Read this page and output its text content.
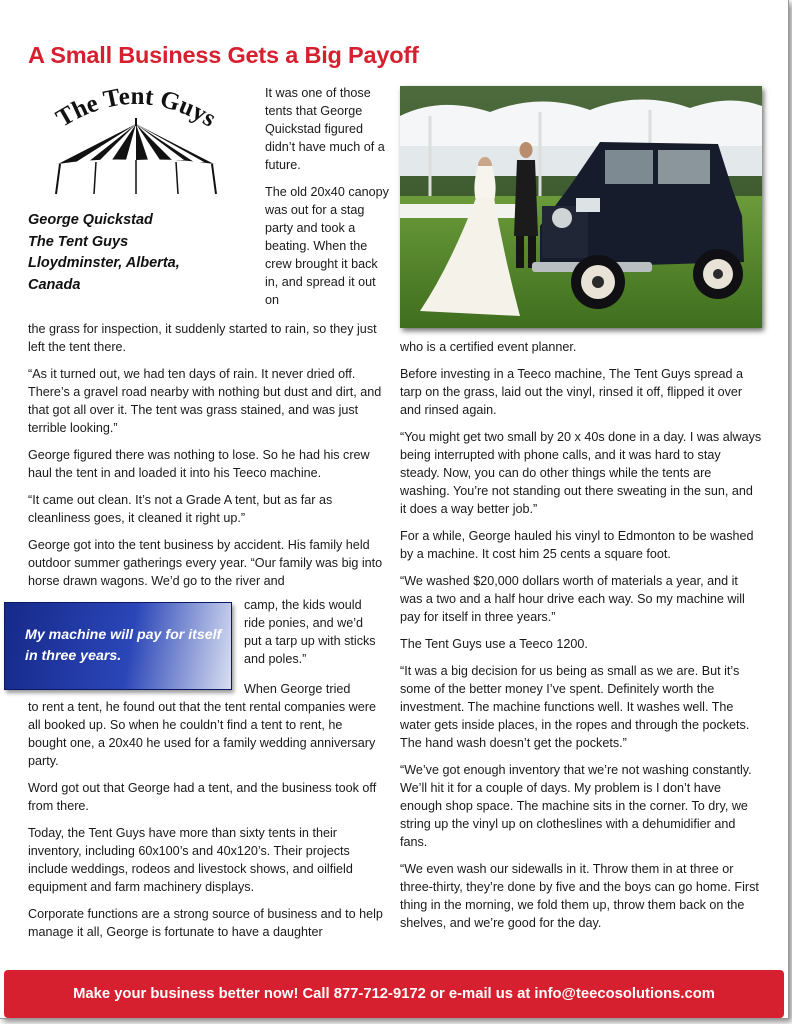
A Small Business Gets a Big Payoff
The Tent Guys
George Quickstad
The Tent Guys
Lloydminster, Alberta,
Canada

It was one of those tents that George Quickstad figured didn’t have much of a future.

The old 20x40 canopy was out for a stag party and took a beating. When the crew brought it back in, and spread it out on

the grass for inspection, it suddenly started to rain, so they just left the tent there.

“As it turned out, we had ten days of rain. It never dried off. There’s a gravel road nearby with nothing but dust and dirt, and that got all over it. The tent was grass stained, and was just terrible looking.”

George figured there was nothing to lose. So he had his crew haul the tent in and loaded it into his Teeco machine.

“It came out clean. It’s not a Grade A tent, but as far as cleanliness goes, it cleaned it right up.”

George got into the tent business by accident. His family held outdoor summer gatherings every year. “Our family was big into horse drawn wagons. We’d go to the river and

camp, the kids would ride ponies, and we’d put a tarp up with sticks and poles.”
When George tried
My machine will pay for itself in three years.

to rent a tent, he found out that the tent rental companies were all booked up. So when he couldn’t find a tent to rent, he bought one, a 20x40 he used for a family wedding anniversary party.

Word got out that George had a tent, and the business took off from there.

Today, the Tent Guys have more than sixty tents in their inventory, including 60x100’s and 40x120’s. Their projects include weddings, rodeos and livestock shows, and oilfield equipment and farm machinery displays.

Corporate functions are a strong source of business and to help manage it all, George is fortunate to have a daughter

who is a certified event planner.

Before investing in a Teeco machine, The Tent Guys spread a tarp on the grass, laid out the vinyl, rinsed it off, flipped it over and rinsed again.

“You might get two small by 20 x 40s done in a day. I was always being interrupted with phone calls, and it was hard to stay steady. Now, you can do other things while the tents are washing. You’re not standing out there sweating in the sun, and it does a way better job.”

For a while, George hauled his vinyl to Edmonton to be washed by a machine. It cost him 25 cents a square foot.

“We washed $20,000 dollars worth of materials a year, and it was a two and a half hour drive each way. So my machine will pay for itself in three years.”

The Tent Guys use a Teeco 1200.

“It was a big decision for us being as small as we are. But it’s some of the better money I’ve spent. Definitely worth the investment. The machine functions well. It washes well. The water gets inside places, in the ropes and through the pockets. The hand wash doesn’t get the pockets.”

“We’ve got enough inventory that we’re not washing constantly. We’ll hit it for a couple of days. My problem is I don’t have enough shop space. The machine sits in the corner. To dry, we string up the vinyl up on clotheslines with a dehumidifier and fans.

“We even wash our sidewalls in it. Throw them in at three or three-thirty, they’re done by five and the boys can go home. First thing in the morning, we fold them up, throw them back on the shelves, and we’re good for the day.

Make your business better now! Call 877-712-9172 or e-mail us at info@teecosolutions.com
